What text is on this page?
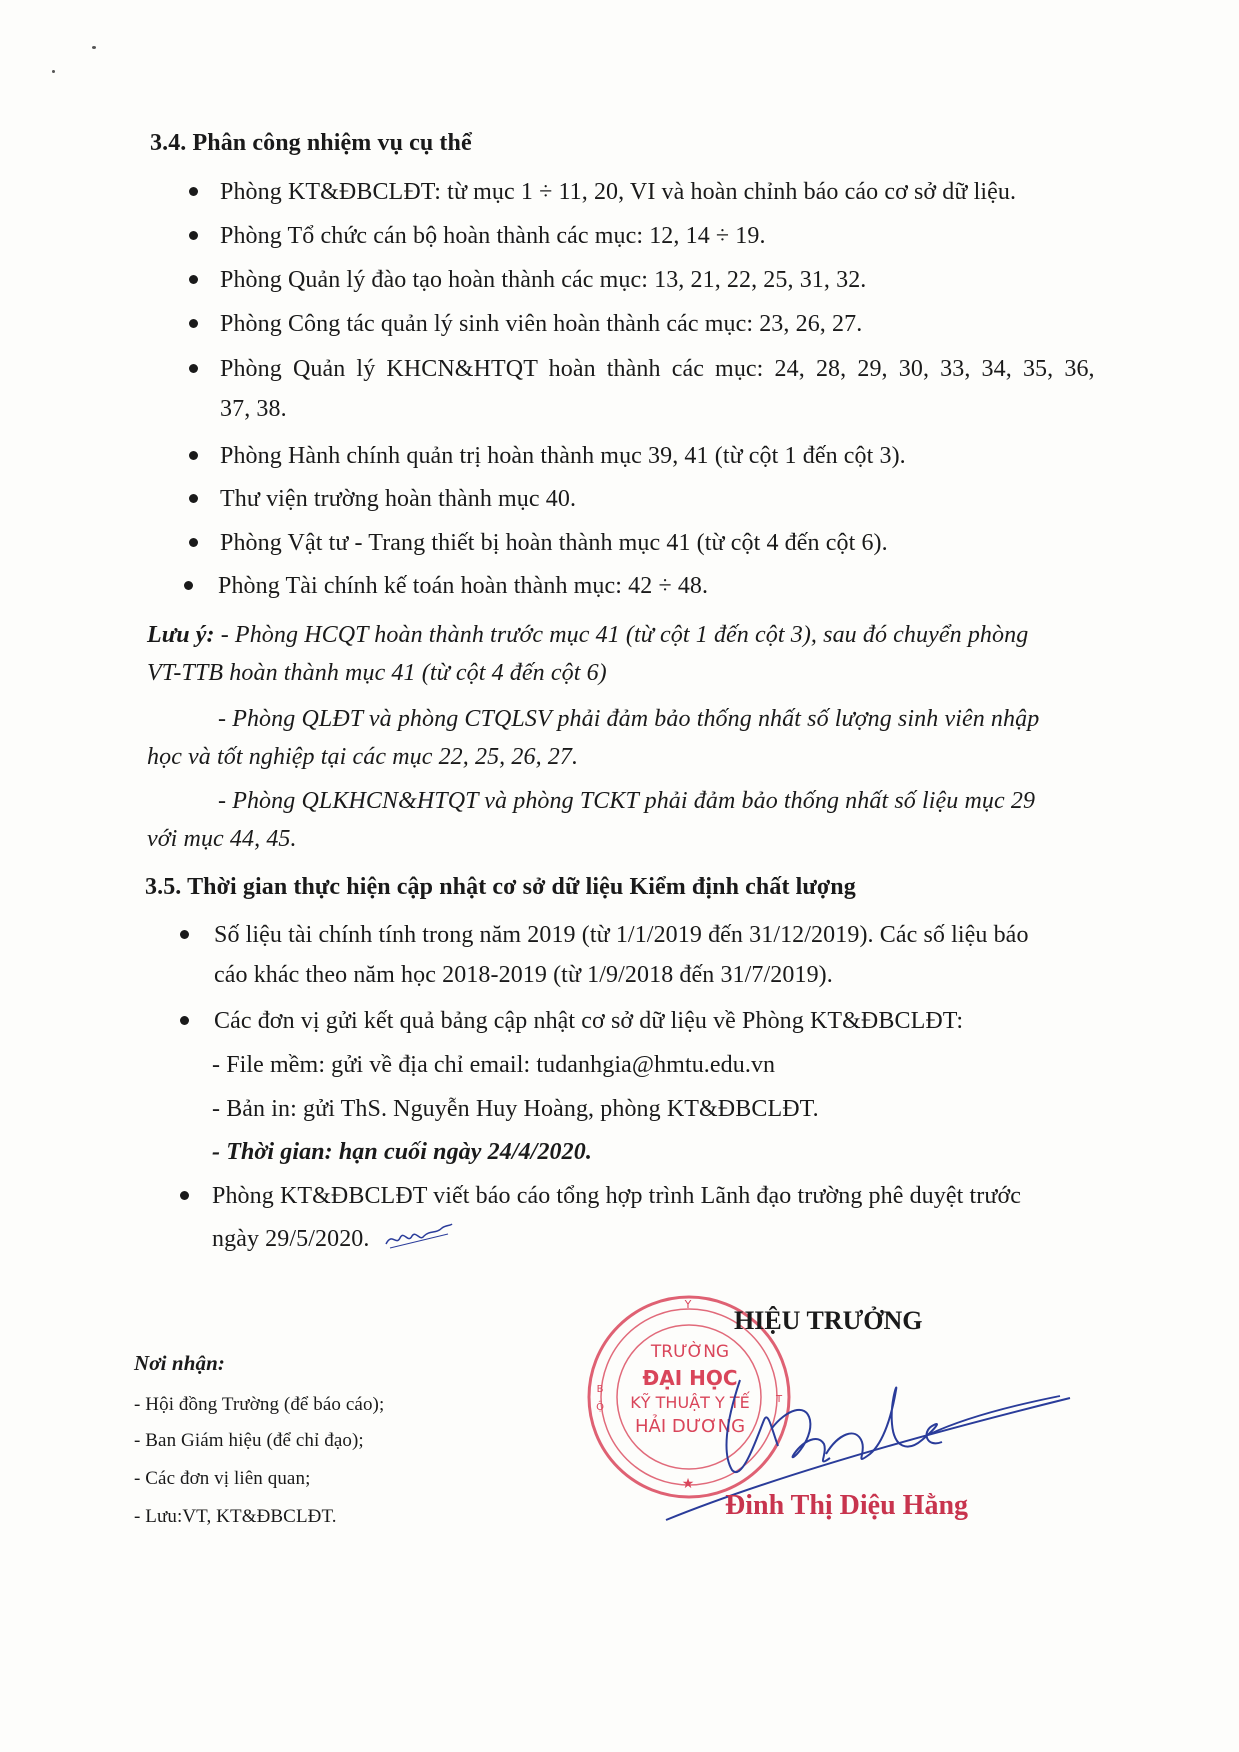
3.4. Phân công nhiệm vụ cụ thể
Phòng KT&ĐBCLĐT: từ mục 1 ÷ 11, 20, VI và hoàn chỉnh báo cáo cơ sở dữ liệu.
Phòng Tổ chức cán bộ hoàn thành các mục: 12, 14 ÷ 19.
Phòng Quản lý đào tạo hoàn thành các mục: 13, 21, 22, 25, 31, 32.
Phòng Công tác quản lý sinh viên hoàn thành các mục: 23, 26, 27.
Phòng Quản lý KHCN&HTQT hoàn thành các mục: 24, 28, 29, 30, 33, 34, 35, 36,
37, 38.
Phòng Hành chính quản trị hoàn thành mục 39, 41 (từ cột 1 đến cột 3).
Thư viện trường hoàn thành mục 40.
Phòng Vật tư - Trang thiết bị hoàn thành mục 41 (từ cột 4 đến cột 6).
Phòng Tài chính kế toán hoàn thành mục: 42 ÷ 48.
Lưu ý: - Phòng HCQT hoàn thành trước mục 41 (từ cột 1 đến cột 3), sau đó chuyển phòng
VT-TTB hoàn thành mục 41 (từ cột 4 đến cột 6)
- Phòng QLĐT và phòng CTQLSV phải đảm bảo thống nhất số lượng sinh viên nhập
học và tốt nghiệp tại các mục 22, 25, 26, 27.
- Phòng QLKHCN&HTQT và phòng TCKT phải đảm bảo thống nhất số liệu mục 29
với mục 44, 45.
3.5. Thời gian thực hiện cập nhật cơ sở dữ liệu Kiểm định chất lượng
Số liệu tài chính tính trong năm 2019 (từ 1/1/2019 đến 31/12/2019). Các số liệu báo
cáo khác theo năm học 2018-2019 (từ 1/9/2018 đến 31/7/2019).
Các đơn vị gửi kết quả bảng cập nhật cơ sở dữ liệu về Phòng KT&ĐBCLĐT:
- File mềm: gửi về địa chỉ email: tudanhgia@hmtu.edu.vn
- Bản in: gửi ThS. Nguyễn Huy Hoàng, phòng KT&ĐBCLĐT.
- Thời gian: hạn cuối ngày 24/4/2020.
Phòng KT&ĐBCLĐT viết báo cáo tổng hợp trình Lãnh đạo trường phê duyệt trước
ngày 29/5/2020.
Nơi nhận:
- Hội đồng Trường (để báo cáo);
- Ban Giám hiệu (để chỉ đạo);
- Các đơn vị liên quan;
- Lưu:VT, KT&ĐBCLĐT.
Y
★
B
Ộ
T
TRƯỜNG
ĐẠI HỌC
KỸ THUẬT Y TẾ
HẢI DƯƠNG
HIỆU TRƯỞNG
Đinh Thị Diệu Hằng
